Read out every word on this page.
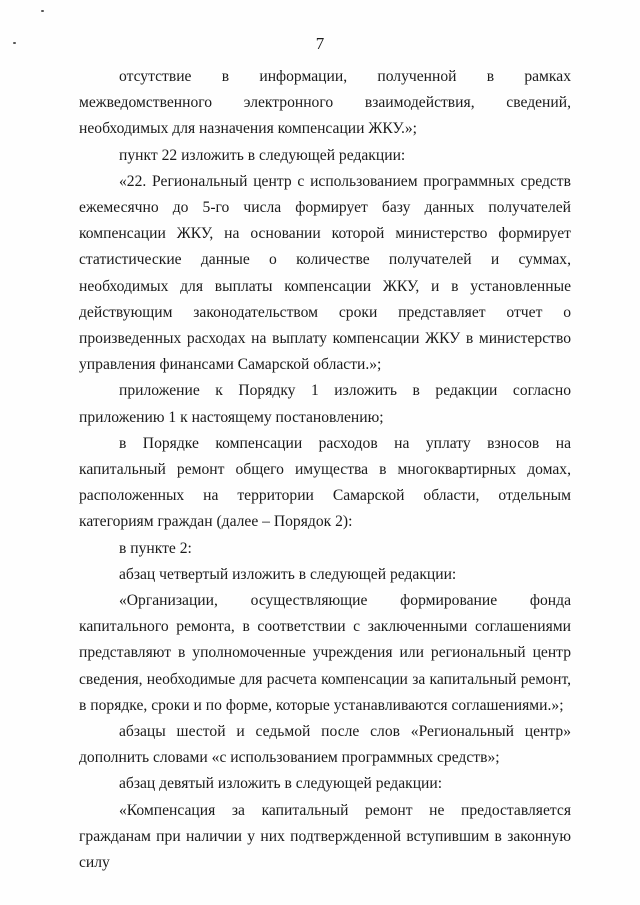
7

отсутствие в информации, полученной в рамках межведомственного электронного взаимодействия, сведений, необходимых для назначения компенсации ЖКУ.»;

пункт 22 изложить в следующей редакции:

«22. Региональный центр с использованием программных средств ежемесячно до 5-го числа формирует базу данных получателей компенсации ЖКУ, на основании которой министерство формирует статистические данные о количестве получателей и суммах, необходимых для выплаты компенсации ЖКУ, и в установленные действующим законодательством сроки представляет отчет о произведенных расходах на выплату компенсации ЖКУ в министерство управления финансами Самарской области.»;

приложение к Порядку 1 изложить в редакции согласно приложению 1 к настоящему постановлению;

в Порядке компенсации расходов на уплату взносов на капитальный ремонт общего имущества в многоквартирных домах, расположенных на территории Самарской области, отдельным категориям граждан (далее – Порядок 2):

в пункте 2:

абзац четвертый изложить в следующей редакции:

«Организации, осуществляющие формирование фонда капитального ремонта, в соответствии с заключенными соглашениями представляют в уполномоченные учреждения или региональный центр сведения, необходимые для расчета компенсации за капитальный ремонт, в порядке, сроки и по форме, которые устанавливаются соглашениями.»;

абзацы шестой и седьмой после слов «Региональный центр» дополнить словами «с использованием программных средств»;

абзац девятый изложить в следующей редакции:

«Компенсация за капитальный ремонт не предоставляется гражданам при наличии у них подтвержденной вступившим в законную силу
